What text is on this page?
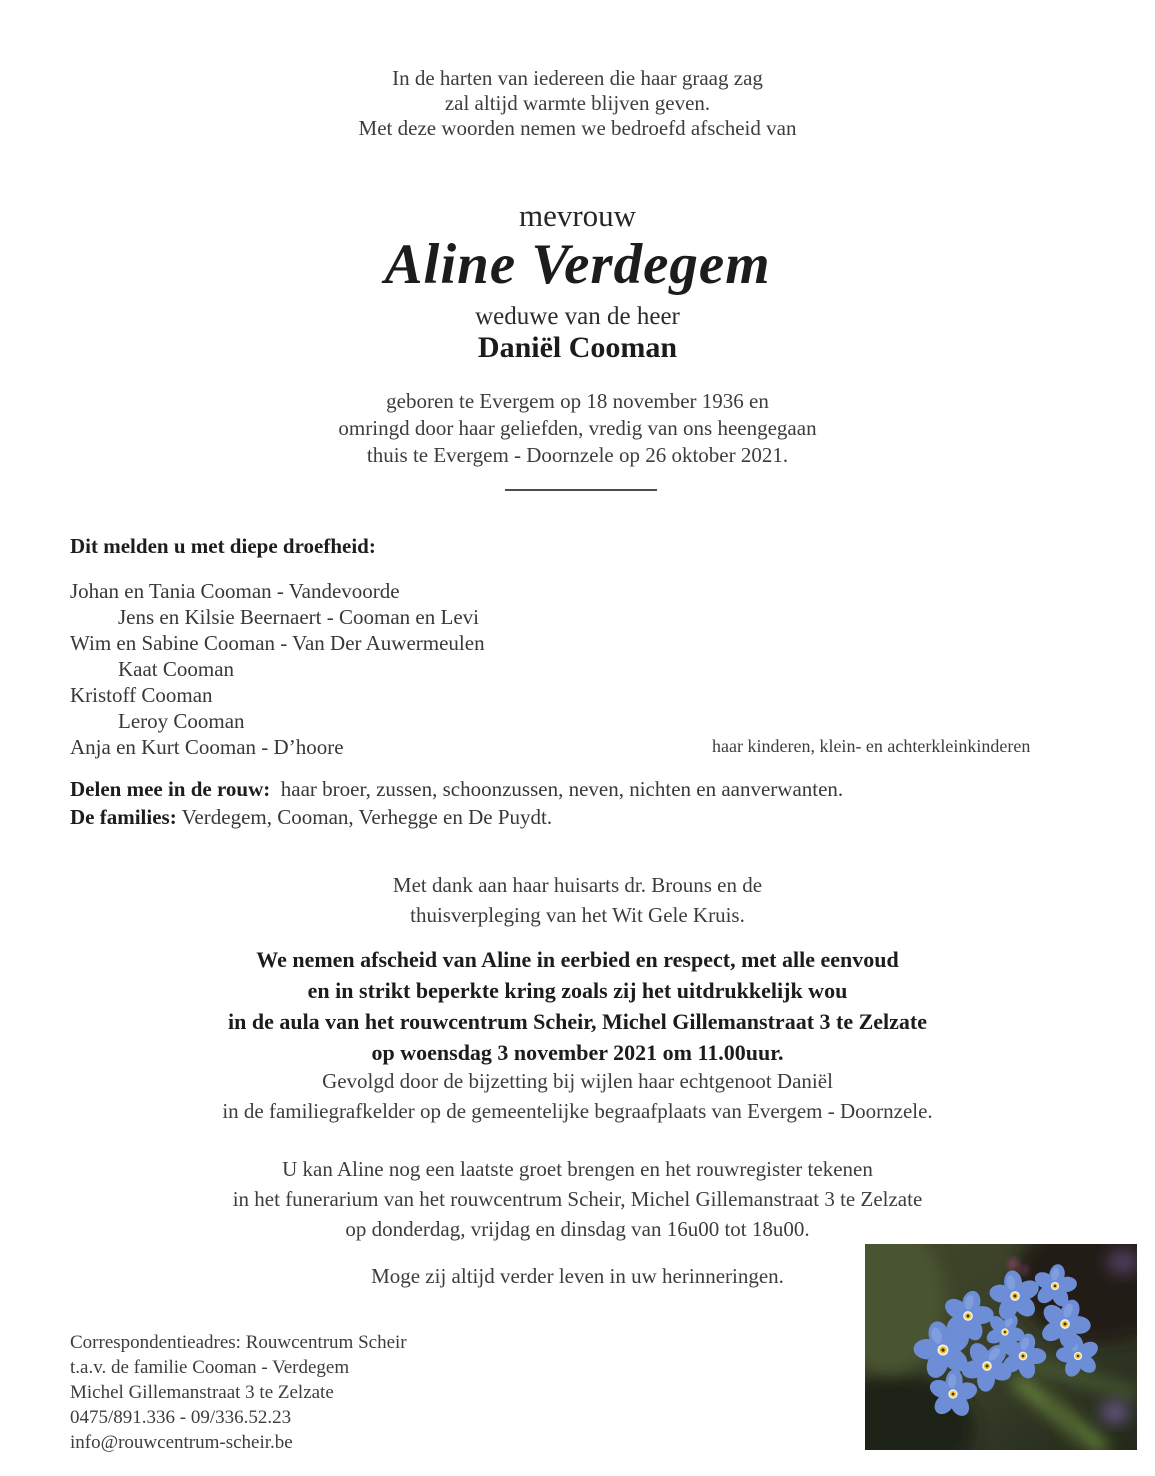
In de harten van iedereen die haar graag zag
zal altijd warmte blijven geven.
Met deze woorden nemen we bedroefd afscheid van
mevrouw
Aline Verdegem
weduwe van de heer
Daniël Cooman
geboren te Evergem op 18 november 1936 en
omringd door haar geliefden, vredig van ons heengegaan
thuis te Evergem - Doornzele op 26 oktober 2021.
Dit melden u met diepe droefheid:
Johan en Tania Cooman - Vandevoorde
Jens en Kilsie Beernaert - Cooman en Levi
Wim en Sabine Cooman - Van Der Auwermeulen
Kaat Cooman
Kristoff Cooman
Leroy Cooman
Anja en Kurt Cooman - D’hoore	haar kinderen, klein- en achterkleinkinderen
Delen mee in de rouw: haar broer, zussen, schoonzussen, neven, nichten en aanverwanten.
De families: Verdegem, Cooman, Verhegge en De Puydt.
Met dank aan haar huisarts dr. Brouns en de
thuisverpleging van het Wit Gele Kruis.
We nemen afscheid van Aline in eerbied en respect, met alle eenvoud
en in strikt beperkte kring zoals zij het uitdrukkelijk wou
in de aula van het rouwcentrum Scheir, Michel Gillemanstraat 3 te Zelzate
op woensdag 3 november 2021 om 11.00uur.
Gevolgd door de bijzetting bij wijlen haar echtgenoot Daniël
in de familiegrafkelder op de gemeentelijke begraafplaats van Evergem - Doornzele.
U kan Aline nog een laatste groet brengen en het rouwregister tekenen
in het funerarium van het rouwcentrum Scheir, Michel Gillemanstraat 3 te Zelzate
op donderdag, vrijdag en dinsdag van 16u00 tot 18u00.
Moge zij altijd verder leven in uw herinneringen.
Correspondentieadres: Rouwcentrum Scheir
t.a.v. de familie Cooman - Verdegem
Michel Gillemanstraat 3 te Zelzate
0475/891.336 - 09/336.52.23
info@rouwcentrum-scheir.be
